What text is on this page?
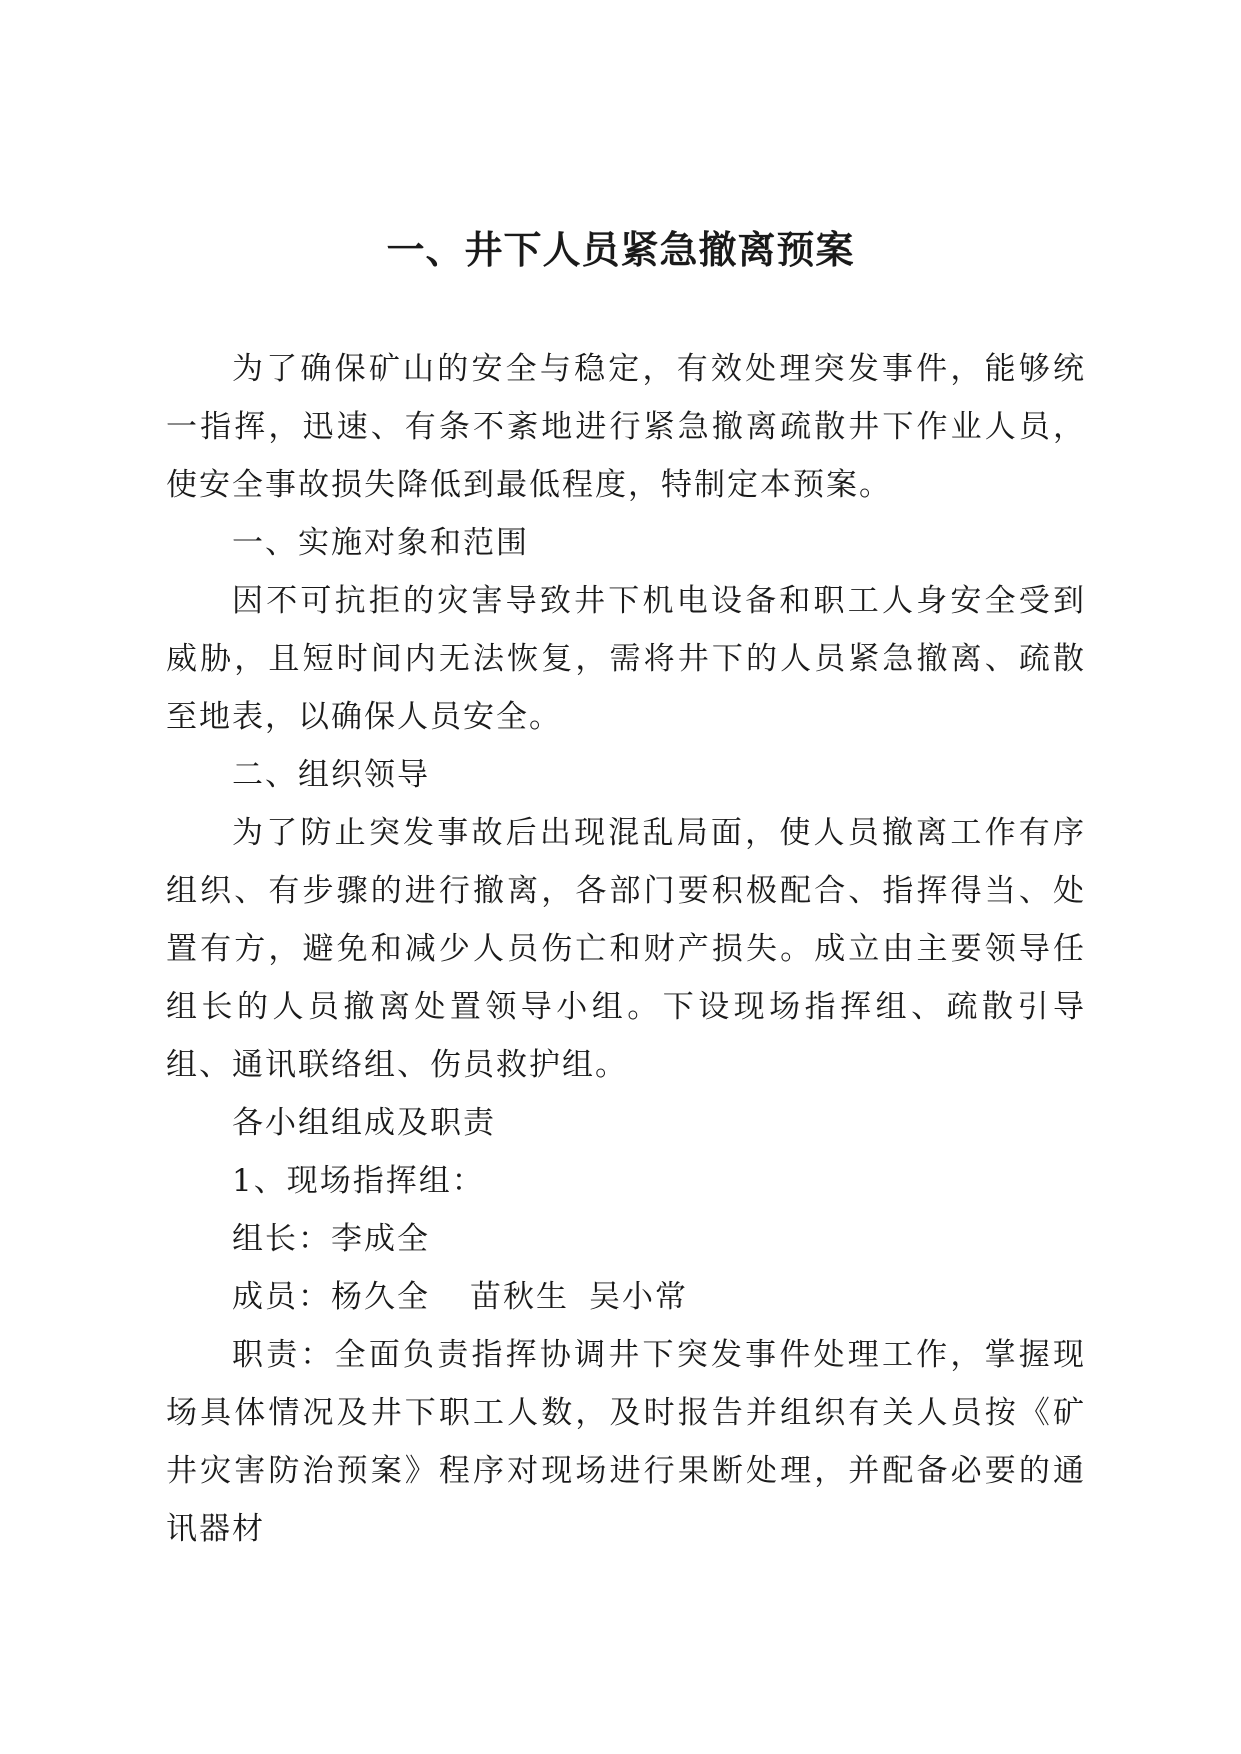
一、井下人员紧急撤离预案

为了确保矿山的安全与稳定，有效处理突发事件，能够统一指挥，迅速、有条不紊地进行紧急撤离疏散井下作业人员，使安全事故损失降低到最低程度，特制定本预案。

一、实施对象和范围

因不可抗拒的灾害导致井下机电设备和职工人身安全受到威胁，且短时间内无法恢复，需将井下的人员紧急撤离、疏散至地表，以确保人员安全。

二、组织领导

为了防止突发事故后出现混乱局面，使人员撤离工作有序组织、有步骤的进行撤离，各部门要积极配合、指挥得当、处置有方，避免和减少人员伤亡和财产损失。成立由主要领导任组长的人员撤离处置领导小组。下设现场指挥组、疏散引导组、通讯联络组、伤员救护组。

各小组组成及职责

1、现场指挥组：

组长：李成全

成员：杨久全 苗秋生 吴小常

职责：全面负责指挥协调井下突发事件处理工作，掌握现场具体情况及井下职工人数，及时报告并组织有关人员按《矿井灾害防治预案》程序对现场进行果断处理，并配备必要的通讯器材
